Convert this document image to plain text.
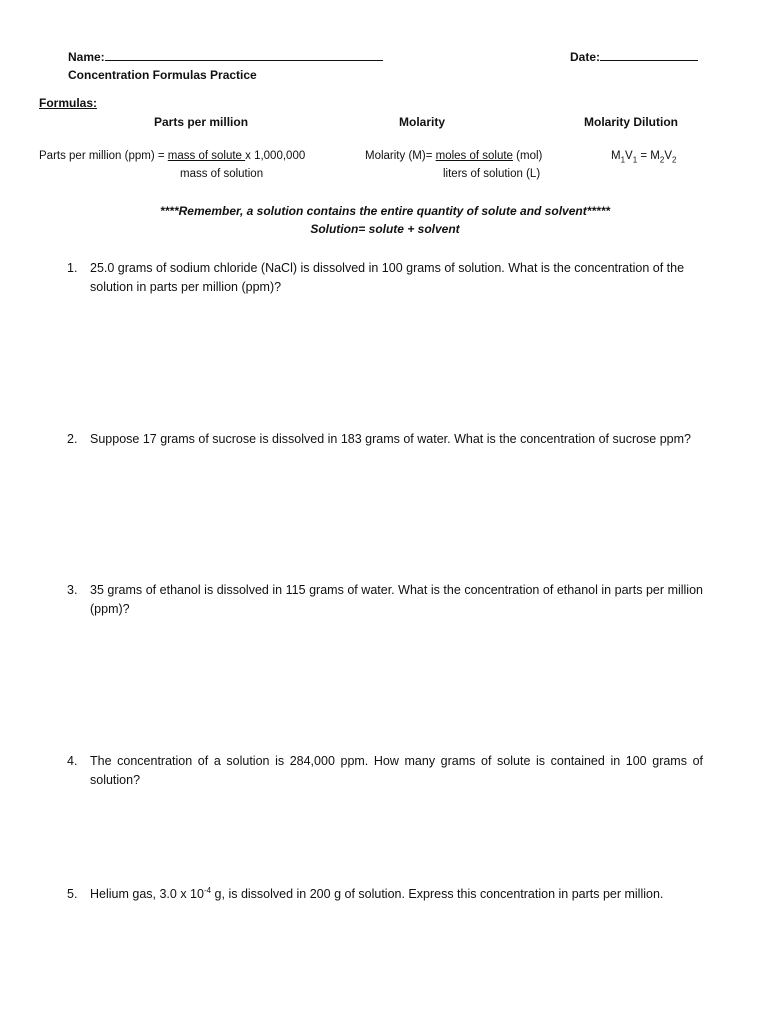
Name:	Date:
Concentration Formulas Practice
Formulas:
Parts per million	Molarity	Molarity Dilution
Parts per million (ppm) = mass of solute x 1,000,000
mass of solution
Molarity (M)= moles of solute (mol)
liters of solution (L)
$M_1V_1 = M_2V_2$
****Remember, a solution contains the entire quantity of solute and solvent*****
Solution= solute + solvent
1. 25.0 grams of sodium chloride (NaCl) is dissolved in 100 grams of solution. What is the concentration of the solution in parts per million (ppm)?
2. Suppose 17 grams of sucrose is dissolved in 183 grams of water. What is the concentration of sucrose ppm?
3. 35 grams of ethanol is dissolved in 115 grams of water. What is the concentration of ethanol in parts per million (ppm)?
4. The concentration of a solution is 284,000 ppm. How many grams of solute is contained in 100 grams of solution?
5. Helium gas, 3.0 x $10^{-4}$ g, is dissolved in 200 g of solution. Express this concentration in parts per million.
